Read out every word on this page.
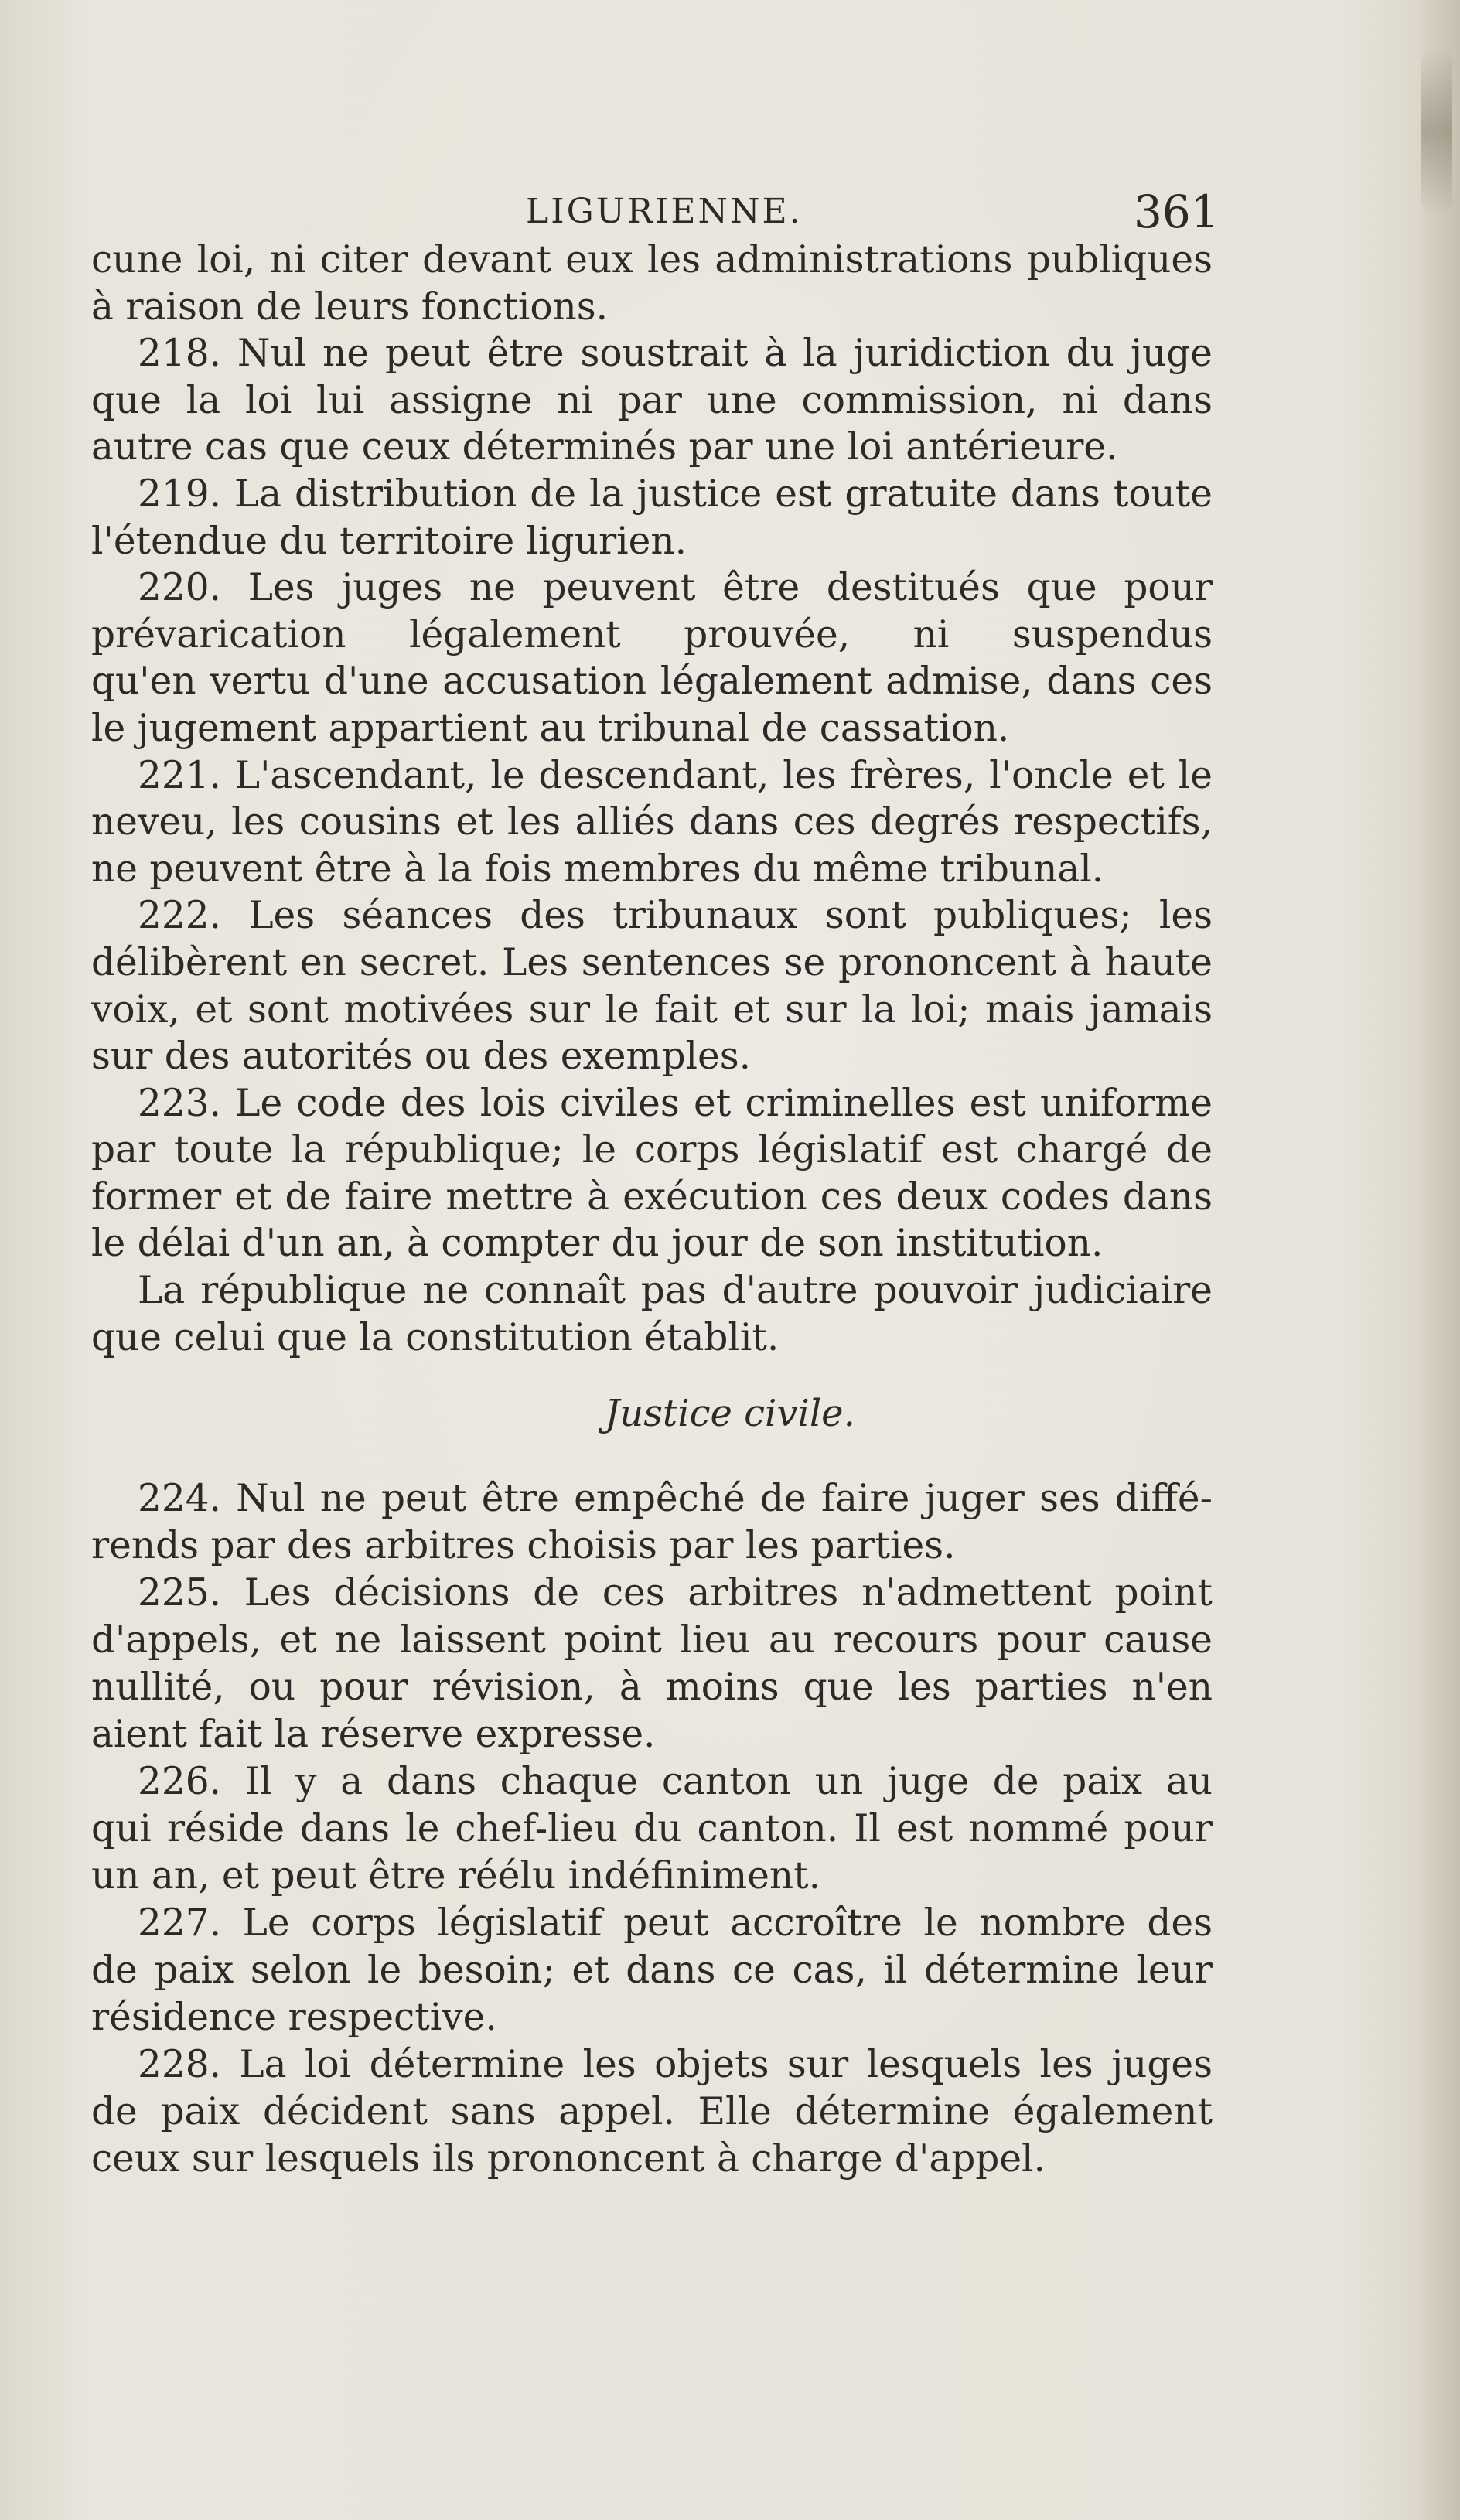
LIGURIENNE.	361
cune loi, ni citer devant eux les administrations publiques
à raison de leurs fonctions.
218. Nul ne peut être soustrait à la juridiction du juge
que la loi lui assigne ni par une commission, ni dans
autre cas que ceux déterminés par une loi antérieure.
219. La distribution de la justice est gratuite dans toute
l'étendue du territoire ligurien.
220. Les juges ne peuvent être destitués que pour
prévarication légalement prouvée, ni suspendus
qu'en vertu d'une accusation légalement admise, dans ces
le jugement appartient au tribunal de cassation.
221. L'ascendant, le descendant, les frères, l'oncle et le
neveu, les cousins et les alliés dans ces degrés respectifs,
ne peuvent être à la fois membres du même tribunal.
222. Les séances des tribunaux sont publiques; les
délibèrent en secret. Les sentences se prononcent à haute
voix, et sont motivées sur le fait et sur la loi; mais jamais
sur des autorités ou des exemples.
223. Le code des lois civiles et criminelles est uniforme
par toute la république; le corps législatif est chargé de
former et de faire mettre à exécution ces deux codes dans
le délai d'un an, à compter du jour de son institution.
La république ne connaît pas d'autre pouvoir judiciaire
que celui que la constitution établit.
Justice civile.
224. Nul ne peut être empêché de faire juger ses diffé-
rends par des arbitres choisis par les parties.
225. Les décisions de ces arbitres n'admettent point
d'appels, et ne laissent point lieu au recours pour cause
nullité, ou pour révision, à moins que les parties n'en
aient fait la réserve expresse.
226. Il y a dans chaque canton un juge de paix au
qui réside dans le chef-lieu du canton. Il est nommé pour
un an, et peut être réélu indéfiniment.
227. Le corps législatif peut accroître le nombre des
de paix selon le besoin; et dans ce cas, il détermine leur
résidence respective.
228. La loi détermine les objets sur lesquels les juges
de paix décident sans appel. Elle détermine également
ceux sur lesquels ils prononcent à charge d'appel.
